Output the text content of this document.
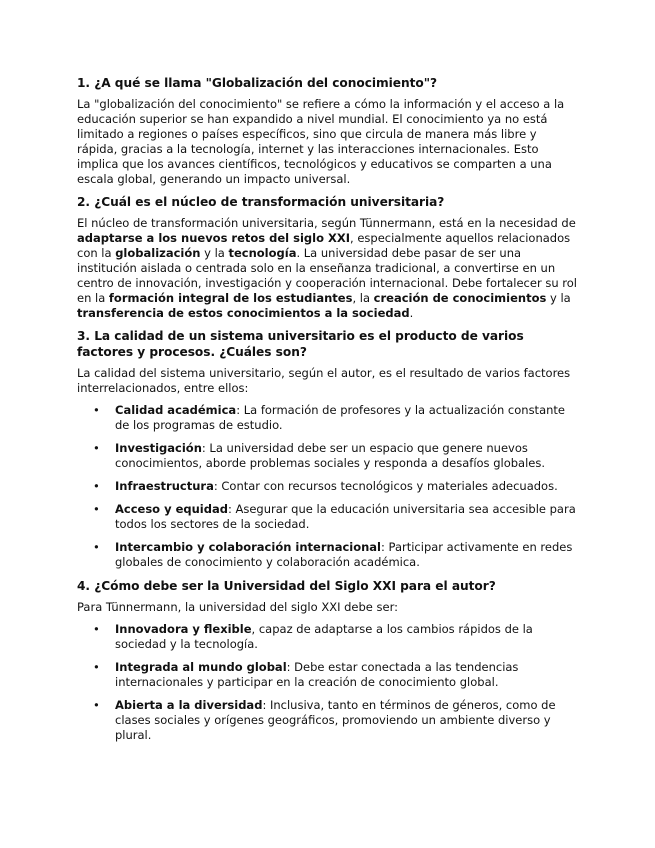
1. ¿A qué se llama "Globalización del conocimiento"?

La "globalización del conocimiento" se refiere a cómo la información y el acceso a la educación superior se han expandido a nivel mundial. El conocimiento ya no está limitado a regiones o países específicos, sino que circula de manera más libre y rápida, gracias a la tecnología, internet y las interacciones internacionales. Esto implica que los avances científicos, tecnológicos y educativos se comparten a una escala global, generando un impacto universal.

2. ¿Cuál es el núcleo de transformación universitaria?

El núcleo de transformación universitaria, según Tünnermann, está en la necesidad de adaptarse a los nuevos retos del siglo XXI, especialmente aquellos relacionados con la globalización y la tecnología. La universidad debe pasar de ser una institución aislada o centrada solo en la enseñanza tradicional, a convertirse en un centro de innovación, investigación y cooperación internacional. Debe fortalecer su rol en la formación integral de los estudiantes, la creación de conocimientos y la transferencia de estos conocimientos a la sociedad.

3. La calidad de un sistema universitario es el producto de varios factores y procesos. ¿Cuáles son?

La calidad del sistema universitario, según el autor, es el resultado de varios factores interrelacionados, entre ellos:

• Calidad académica: La formación de profesores y la actualización constante de los programas de estudio.
• Investigación: La universidad debe ser un espacio que genere nuevos conocimientos, aborde problemas sociales y responda a desafíos globales.
• Infraestructura: Contar con recursos tecnológicos y materiales adecuados.
• Acceso y equidad: Asegurar que la educación universitaria sea accesible para todos los sectores de la sociedad.
• Intercambio y colaboración internacional: Participar activamente en redes globales de conocimiento y colaboración académica.
4. ¿Cómo debe ser la Universidad del Siglo XXI para el autor?

Para Tünnermann, la universidad del siglo XXI debe ser:

• Innovadora y flexible, capaz de adaptarse a los cambios rápidos de la sociedad y la tecnología.
• Integrada al mundo global: Debe estar conectada a las tendencias internacionales y participar en la creación de conocimiento global.
• Abierta a la diversidad: Inclusiva, tanto en términos de géneros, como de clases sociales y orígenes geográficos, promoviendo un ambiente diverso y plural.
